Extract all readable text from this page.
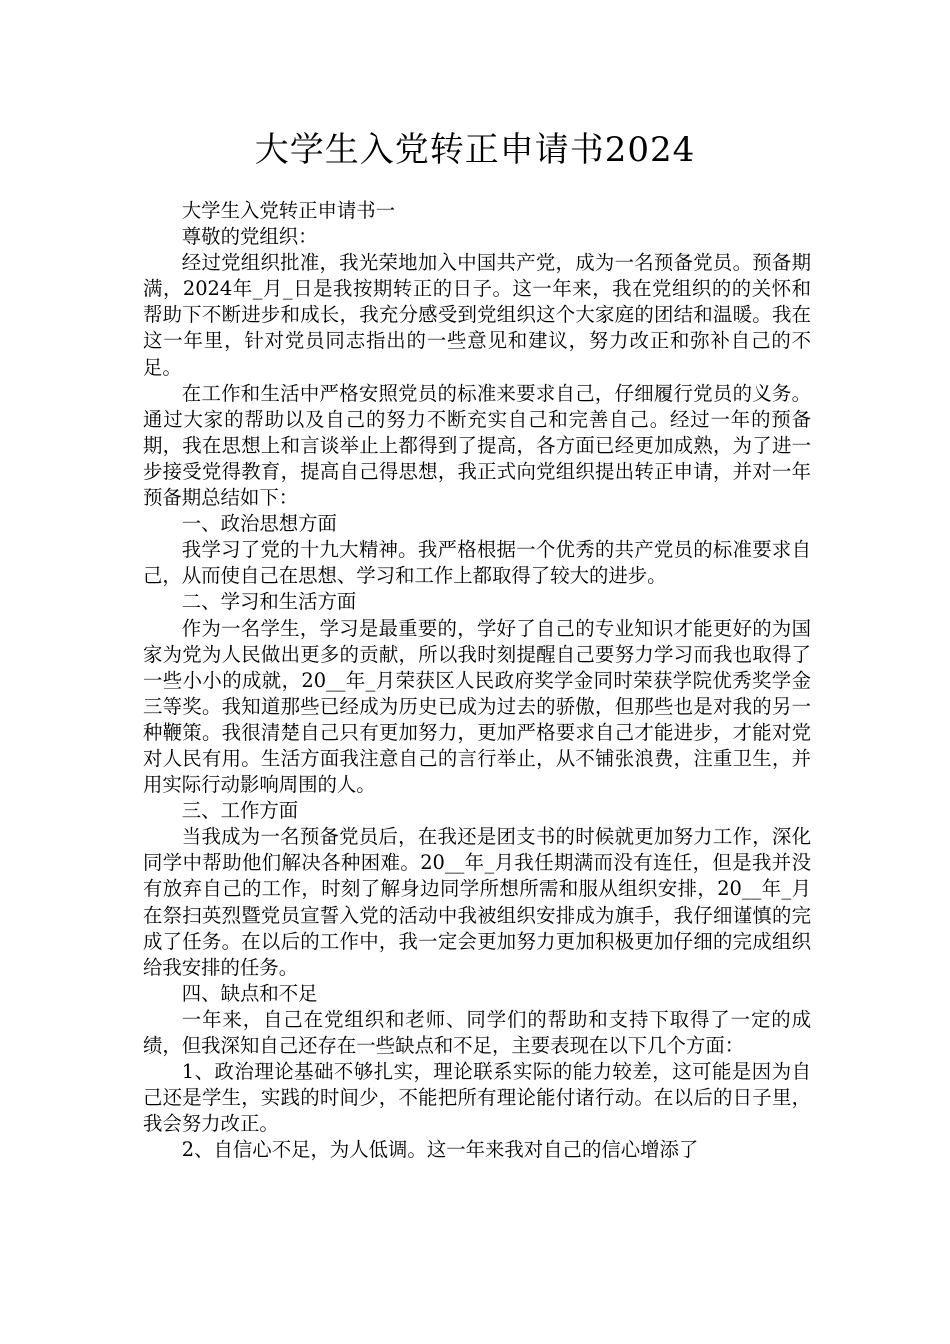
大学生入党转正申请书2024

大学生入党转正申请书一

尊敬的党组织：

经过党组织批准，我光荣地加入中国共产党，成为一名预备党员。预备期满，2024年_月_日是我按期转正的日子。这一年来，我在党组织的的关怀和帮助下不断进步和成长，我充分感受到党组织这个大家庭的团结和温暖。我在这一年里，针对党员同志指出的一些意见和建议，努力改正和弥补自己的不足。

在工作和生活中严格安照党员的标准来要求自己，仔细履行党员的义务。通过大家的帮助以及自己的努力不断充实自己和完善自己。经过一年的预备期，我在思想上和言谈举止上都得到了提高，各方面已经更加成熟，为了进一步接受党得教育，提高自己得思想，我正式向党组织提出转正申请，并对一年预备期总结如下：

一、政治思想方面

我学习了党的十九大精神。我严格根据一个优秀的共产党员的标准要求自己，从而使自己在思想、学习和工作上都取得了较大的进步。

二、学习和生活方面

作为一名学生，学习是最重要的，学好了自己的专业知识才能更好的为国家为党为人民做出更多的贡献，所以我时刻提醒自己要努力学习而我也取得了一些小小的成就，20__年_月荣获区人民政府奖学金同时荣获学院优秀奖学金三等奖。我知道那些已经成为历史已成为过去的骄傲，但那些也是对我的另一种鞭策。我很清楚自己只有更加努力，更加严格要求自己才能进步，才能对党对人民有用。生活方面我注意自己的言行举止，从不铺张浪费，注重卫生，并用实际行动影响周围的人。

三、工作方面

当我成为一名预备党员后，在我还是团支书的时候就更加努力工作，深化同学中帮助他们解决各种困难。20__年_月我任期满而没有连任，但是我并没有放弃自己的工作，时刻了解身边同学所想所需和服从组织安排，20__年_月在祭扫英烈暨党员宣誓入党的活动中我被组织安排成为旗手，我仔细谨慎的完成了任务。在以后的工作中，我一定会更加努力更加积极更加仔细的完成组织给我安排的任务。

四、缺点和不足

一年来，自己在党组织和老师、同学们的帮助和支持下取得了一定的成绩，但我深知自己还存在一些缺点和不足，主要表现在以下几个方面：

1、政治理论基础不够扎实，理论联系实际的能力较差，这可能是因为自己还是学生，实践的时间少，不能把所有理论能付诸行动。在以后的日子里，我会努力改正。

2、自信心不足，为人低调。这一年来我对自己的信心增添了
